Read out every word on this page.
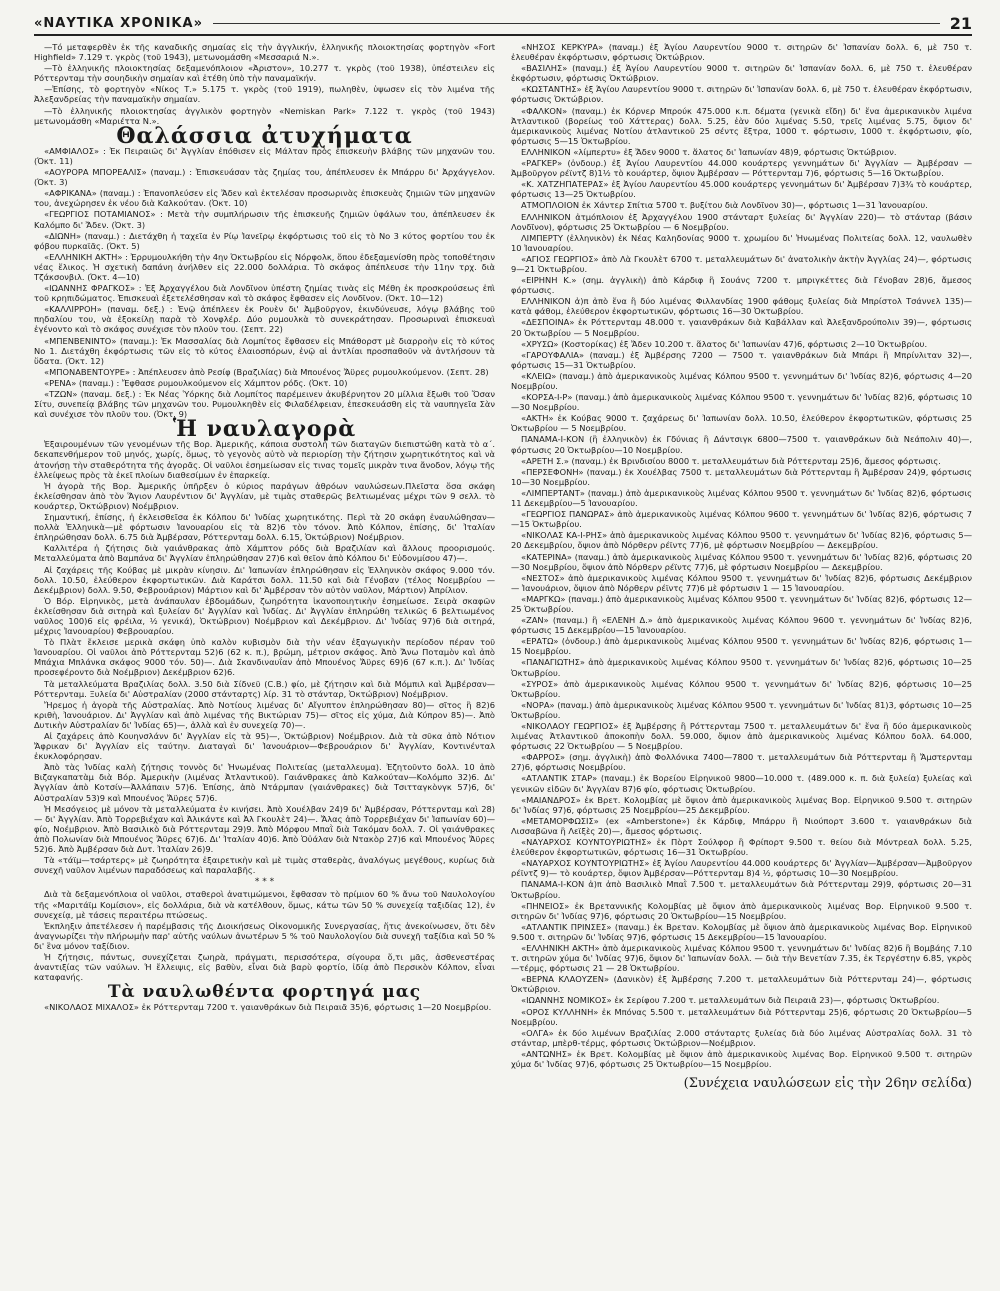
«ΝΑΥΤΙΚΑ ΧΡΟΝΙΚΑ»	21

—Τό μεταφερθὲν ἐκ τῆς καναδικῆς σημαίας εἰς τὴν ἀγγλικήν, ἑλληνικῆς πλοιοκτησίας φορτηγὸν «Fort Highfield» 7.129 τ. γκρὸς (τοῦ 1943), μετωνομάσθη «Μεσσαριά Ν.».

—Τὸ ἑλληνικῆς πλοιοκτησίας δεξαμενόπλοιον «Ἀριστον», 10.277 τ. γκρὸς (τοῦ 1938), ὑπέστειλεν εἰς Ρόττερνταμ τὴν σουηδικὴν σημαίαν καὶ ἐτέθη ὑπὸ τὴν παναμαϊκήν.

—Ἐπίσης, τὸ φορτηγὸν «Νίκος Τ.» 5.175 τ. γκρὸς (τοῦ 1919), πωληθὲν, ὑψωσεν εἰς τὸν λιμένα τῆς Ἀλεξανδρείας τὴν παναμαϊκὴν σημαίαν.

—Τὸ ἑλληνικῆς πλοιοκτησίας ἀγγλικὸν φορτηγὸν «Nemiskan Park» 7.122 τ. γκρὸς (τοῦ 1943) μετωνομάσθη «Μαριέττα Ν.».

Θαλάσσια ἀτυχήματα

«ΑΜΦΙΑΛΟΣ» : Ἐκ Πειραιῶς δι' Ἀγγλίαν ἐπόθισεν εἰς Μάλταν πρὸς ἐπισκευὴν βλάβης τῶν μηχανῶν του. (Ὀκτ. 11)

«ΑΟΥΡΟΡΑ ΜΠΟΡΕΑΛΙΣ» (παναμ.) : Ἐπισκευάσαν τὰς ζημίας του, ἀπέπλευσεν ἐκ Μπάρρυ δι' Ἀρχάγγελον. (Ὀκτ. 3)

«ΑΦΡΙΚΑΝΑ» (παναμ.) : Ἐπανοπλεύσεν εἰς Ἄδεν καὶ ἐκτελέσαν προσωρινὰς ἐπισκευὰς ζημιῶν τῶν μηχανῶν του, ἀνεχώρησεν ἐκ νέου διὰ Καλκούταν. (Ὀκτ. 10)

«ΓΕΩΡΓΙΟΣ ΠΟΤΑΜΙΑΝΟΣ» : Μετὰ τὴν συμπλήρωσιν τῆς ἐπισκευῆς ζημιῶν ὑφάλων του, ἀπέπλευσεν ἐκ Καλόμπο δι' Ἄδεν. (Ὀκτ. 3)

«ΔΙΩΝΗ» (παναμ.) : Διετάχθη ἡ ταχεῖα ἐν Ρίῳ Ἰανεῖρῳ ἐκφόρτωσις τοῦ εἰς τὸ Νο 3 κύτος φορτίου του ἐκ φόβου πυρκαϊᾶς. (Ὀκτ. 5)

«ΕΛΛΗΝΙΚΗ ΑΚΤΗ» : Ἐρρυμουλκήθη τὴν 4ην Ὀκτωβρίου εἰς Νόρφολκ, ὅπου ἐδεξαμενίσθη πρὸς τοποθέτησιν νέας ἕλικος. Ἡ σχετικὴ δαπάνη ἀνήλθεν εἰς 22.000 δολλάρια. Τὸ σκάφος ἀπέπλευσε τὴν 11ην τρχ. διὰ Τζάκσονβιλ. (Ὀκτ. 4—10)

«ΙΩΑΝΝΗΣ ΦΡΑΓΚΟΣ» : Ἐξ Ἀρχαγγέλου διὰ Λονδῖνον ὑπέστη ζημίας τινὰς εἰς Μέθη ἐκ προσκρούσεως ἐπὶ τοῦ κρηπιδώματος. Ἐπισκευαὶ ἐξετελέσθησαν καὶ τὸ σκάφος ἔφθασεν εἰς Λονδῖνον. (Ὀκτ. 10—12)

«ΚΑΛΛΙΡΡΟΗ» (παναμ. δεξ.) : Ἐνῷ ἀπέπλεεν ἐκ Ρουὲν δι' Ἀμβοῦργον, ἐκινδύνευσε, λόγῳ βλάβης τοῦ πηδαλίου του, νὰ ἐξοκείλῃ παρὰ τὸ Χονφλέρ. Δύο ρυμουλκὰ τὸ συνεκράτησαν. Προσωριναὶ ἐπισκευαὶ ἐγένοντο καὶ τὸ σκάφος συνέχισε τὸν πλοῦν του. (Σεπτ. 22)

«ΜΠΕΝΒΕΝΙΝΤΟ» (παναμ.): Ἐκ Μασσαλίας διὰ Λομπίτος ἔφθασεν εἰς Μπάθορστ μὲ διαρροὴν εἰς τὸ κύτος Νο 1. Διετάχθη ἐκφόρτωσις τῶν εἰς τὸ κύτος ἐλαιοσπόρων, ἐνῷ αἱ ἀντλίαι προσπαθοῦν νὰ ἀντλήσουν τὰ ὕδατα. (Ὀκτ. 12)

«ΜΠΟΝΑΒΕΝΤΟΥΡΕ» : Ἀπέπλευσεν ἀπὸ Ρεσίφ (Βραζιλίας) διὰ Μπουένος Ἄϋρες ρυμουλκούμενον. (Σεπτ. 28)

«ΡΕΝΑ» (παναμ.) : Ἔφθασε ρυμουλκούμενον εἰς Χάμπτον ρόδς. (Ὀκτ. 10)

«ΤΖΩΝ» (παναμ. δεξ.) : Ἐκ Νέας Ὑόρκης διὰ Λομπίτος παρέμεινεν ἀκυβέρνητον 20 μίλλια ἔξωθι τοῦ Ὄσαν Σίτυ, συνεπείᾳ βλάβης τῶν μηχανῶν του. Ρυμουλκηθὲν εἰς Φιλαδέλφειαν, ἐπεσκευάσθη εἰς τὰ ναυπηγεῖα Σὰν καὶ συνέχισε τὸν πλοῦν του. (Ὀκτ. 9)

Ἡ ναυλαγορὰ

Ἐξαιρουμένων τῶν γενομένων τῆς Βορ. Ἀμερικῆς, κάποια συστολὴ τῶν διαταγῶν διεπιστώθη κατὰ τὸ α΄. δεκαπενθήμερον τοῦ μηνός, χωρίς, ὅμως, τὸ γεγονὸς αὐτὸ νὰ περιορίσῃ τὴν ζήτησιν χωρητικότητος καὶ νὰ ἀτονήσῃ τὴν σταθερότητα τῆς ἀγορᾶς. Οἱ ναῦλοι ἐσημείωσαν εἰς τινας τομεῖς μικρὰν τινα ἄνοδον, λόγῳ τῆς ἐλλείψεως πρὸς τὰ ἐκεῖ πλοίων διαθεσίμων ἐν ἐπαρκείᾳ.

Ἡ ἀγορὰ τῆς Βορ. Ἀμερικῆς ὑπῆρξεν ὁ κύριος παράγων ἀθρόων ναυλώσεων.Πλεῖστα ὅσα σκάφη ἐκλείσθησαν ἀπὸ τὸν Ἅγιον Λαυρέντιον δι' Ἀγγλίαν, μὲ τιμὰς σταθερῶς βελτιωμένας μέχρι τῶν 9 σελλ. τὸ κουάρτερ, Ὀκτώβριον) Νοέμβριον.

Σημαντική, ἐπίσης, ἡ ἐκλεισθεῖσα ἐκ Κόλπου δι' Ἰνδίας χωρητικότης. Περὶ τὰ 20 σκάφη ἐναυλώθησαν—πολλὰ Ἑλληνικὰ—μὲ φόρτωσιν Ἰανουαρίου εἰς τὰ 82)6 τὸν τόνον. Ἀπὸ Κόλπον, ἐπίσης, δι' Ἰταλίαν ἐπληρώθησαν δολλ. 6.75 διὰ Ἀμβέρσαν, Ρόττερνταμ δολλ. 6.15, Ὀκτώβριον) Νοέμβριον.

Καλλιτέρα ἡ ζήτησις διὰ γαιάνθρακας ἀπὸ Χάμπτον ρόδς διὰ Βραζιλίαν καὶ ἄλλους προορισμούς. Μεταλλεύματα ἀπὸ Βαμπάνα δι' Ἀγγλίαν ἐπληρώθησαν 27)6 καὶ θεῖον ἀπὸ Κόλπου δι' Εὐδονμίσου 47)—.

Αἱ ζαχάρεις τῆς Κούβας μὲ μικρὰν κίνησιν. Δι' Ἰαπωνίαν ἐπληρώθησαν εἰς Ἑλληνικὸν σκάφος 9.000 τόν. δολλ. 10.50, ἐλεύθερον ἐκφορτωτικῶν. Διὰ Καράτσι δολλ. 11.50 καὶ διὰ Γένοβαν (τέλος Νοεμβρίου — Δεκέμβριον) δολλ. 9.50, Φεβρουάριον) Μάρτιον καὶ δι' Ἀμβέρσαν τὸν αὐτὸν ναῦλον, Μάρτιον) Ἀπρίλιον.

Ὁ Βόρ. Εἰρηνικὸς, μετὰ ἀνάπαυλαν ἑβδομάδων, ζωηρότητα ἱκανοποιητικὴν ἐσημείωσε. Σειρὰ σκαφῶν ἐκλείσθησαν διὰ σιτηρὰ καὶ ξυλείαν δι' Ἀγγλίαν καὶ Ἰνδίας. Δι' Ἀγγλίαν ἐπληρώθη τελικῶς 6 βελτιωμένος ναῦλος 100)6 εἰς φρέιλα, ½ γενικά), Ὀκτώβριον) Νοέμβριον καὶ Δεκέμβριον. Δι' Ἰνδίας 97)6 διὰ σιτηρά, μέχρις Ἰανουαρίου) Φεβρουαρίου.

Τὸ Πλὰτ ἔκλεισε μερικὰ σκάφη ὑπὸ καλὸν κυβισμὸν διὰ τὴν νέαν ἐξαγωγικὴν περίοδον πέραν τοῦ Ἰανουαρίου. Οἱ ναῦλοι ἀπὸ Ρόττερνταμ 52)6 (62 κ. π.), βρώμη, μέτριον σκάφος. Ἀπὸ Ἄνω Ποταμὸν καὶ ἀπὸ Μπάχια Μπλάνκα σκάφος 9000 τόν. 50)—. Διὰ Σκανδιναυΐαν ἀπὸ Μπουένος Ἄϋρες 69)6 (67 κ.π.). Δι' Ἰνδίας προσεφέροντο διὰ Νοέμβριον) Δεκέμβριον 62)6.

Τὰ μεταλλεύματα Βραζιλίας δολλ. 3.50 διὰ Σίδνεϋ (C.B.) φίο, μὲ ζήτησιν καὶ διὰ Μόμπιλ καὶ Ἀμβέρσαν—Ρόττερνταμ. Ξυλεία δι' Αὐστραλίαν (2000 στάνταρτς) λίρ. 31 τὸ στάνταρ, Ὀκτώβριον) Νοέμβριον.

Ἤρεμος ἡ ἀγορὰ τῆς Αὐστραλίας. Ἀπὸ Νοτίους λιμένας δι' Αἴγυπτον ἐπληρώθησαν 80)— σῖτος ἢ 82)6 κριθὴ, Ἰανουάριον. Δι' Ἀγγλίαν καὶ ἀπὸ λιμένας τῆς Βικτώριαν 75)— σῖτος εἰς χύμα, Διὰ Κύπρον 85)—. Ἀπὸ Δυτικὴν Αὐστραλίαν δι' Ἰνδίας 65)—, ἀλλὰ καὶ ἐν συνεχείᾳ 70)—.

Αἱ ζαχάρεις ἀπὸ Κουηνσλάνν δι' Ἀγγλίαν εἰς τὰ 95)—, Ὀκτώβριον) Νοέμβριον. Διὰ τὰ σῦκα ἀπὸ Νότιον Ἄφρικαν δι' Ἀγγλίαν εἰς ταύτην. Διαταγαὶ δι' Ἰανουάριον—Φεβρουάριον δι' Ἀγγλίαν, Κοντινένταλ ἐκυκλοφόρησαν.

Ἀπὸ τὰς Ἰνδίας καλὴ ζήτησις τοννὸς δι' Ἡνωμένας Πολιτείας (μεταλλευμα). Ἐζητοῦντο δολλ. 10 ἀπὸ Βιζαγκαπατὰμ διὰ Βόρ. Ἀμερικὴν (λιμένας Ἀτλαντικοῦ). Γαιάνθρακες ἀπὸ Καλκούταν—Κολόμπο 32)6. Δι' Ἀγγλίαν ἀπὸ Κοτσίν—Ἀλλάπαιν 57)6. Ἐπίσης, ἀπὸ Ντάρμπαν (γαιάνθρακες) διὰ Τσιτταγκὸνγκ 57)6, δι' Αὐστραλίαν 53)9 καὶ Μπουένος Ἄϋρες 57)6.

Ἡ Μεσόγειος μὲ μόνον τὰ μεταλλεύματα ἐν κινήσει. Ἀπὸ Χουέλβαν 24)9 δι' Ἀμβέρσαν, Ρόττερνταμ καὶ 28)— δι' Ἀγγλίαν. Ἀπὸ Τορρεβιέχαν καὶ Ἀλικάντε καὶ Ἀλ Γκουλὲτ 24)—. Ἄλας ἀπὸ Τορρεβιέχαν δι' Ἰαπωνίαν 60)— φίο, Νοέμβριον. Ἀπὸ Βασιλικὸ διὰ Ρόττερνταμ 29)9. Ἀπὸ Μόρφου Μπαῒ διὰ Τακόμαν δολλ. 7. Οἱ γαιάνθρακες ἀπὸ Πολωνίαν διὰ Μπουένος Ἄϋρες 67)6. Δι' Ἰταλίαν 40)6. Ἀπὸ Ὀὐάλαν διὰ Ντακὸρ 27)6 καὶ Μπουένος Ἄϋρες 52)6. Ἀπὸ Ἀμβέρσαν διὰ Δυτ. Ἰταλίαν 26)9.

Τὰ «τάϊμ—τσάρτερς» μὲ ζωηρότητα ἐξαιρετικὴν καὶ μὲ τιμὰς σταθερὰς, ἀναλόγως μεγέθους, κυρίως διὰ συνεχῆ ναῦλον λιμένων παραδόσεως καὶ παραλαβῆς.

* * *

Διὰ τὰ δεξαμενόπλοια οἱ ναῦλοι, σταθεροὶ ἀνατιμώμενοι, ἔφθασαν τὸ πρίμιον 60 % ἄνω τοῦ Ναυλολογίου τῆς «Μαριτάϊμ Κομίσιον», εἰς δολλάρια, διὰ νὰ κατέλθουν, ὅμως, κάτω τῶν 50 % συνεχείᾳ ταξιδίας 12), ἐν συνεχείᾳ, μὲ τάσεις περαιτέρω πτώσεως.

Ἐκπληξιν ἀπετέλεσεν ἡ παρέμβασις τῆς Διοικήσεως Οἰκονομικῆς Συνεργασίας, ἥτις ἀνεκοίνωσεν, ὅτι δὲν ἀναγνωρίζει τὴν πλήρωμὴν παρ' αὐτῆς ναύλων ἀνωτέρων 5 % τοῦ Ναυλολογίου διὰ συνεχῆ ταξίδια καὶ 50 % δι' ἓνα μόνον ταξίδιον.

Ἡ ζήτησις, πάντως, συνεχίζεται ζωηρὰ, πράγματι, περισσότερα, σίγουρα ὅ,τι μᾶς, ἀσθενεστέρας ἀναντιξίας τῶν ναύλων. Ἡ ἔλλειψις, εἰς βαθὺν, εἶναι διὰ βαρὺ φορτίο, ἰδίᾳ ἀπὸ Περσικὸν Κόλπον, εἶναι καταφανής.

Τὰ ναυλωθέντα φορτηγά μας

«ΝΙΚΟΛΑΟΣ ΜΙΧΑΛΟΣ» ἐκ Ρόττερνταμ 7200 τ. γαιανθράκων διὰ Πειραιᾶ 35)6, φόρτωσις 1—20 Νοεμβρίου.

«ΝΗΣΟΣ ΚΕΡΚΥΡΑ» (παναμ.) ἐξ Ἁγίου Λαυρεντίου 9000 τ. σιτηρῶν δι' Ἰσπανίαν δολλ. 6, μὲ 750 τ. ἐλευθέραν ἐκφόρτωσιν, φόρτωσις Ὀκτώβριον.

«ΒΑΣΙΛΗΣ» (παναμ.) ἐξ Ἁγίου Λαυρεντίου 9000 τ. σιτηρῶν δι' Ἰσπανίαν δολλ. 6, μὲ 750 τ. ἐλευθέραν ἐκφόρτωσιν, φόρτωσις Ὀκτώβριον.

«ΚΩΣΤΑΝΤΗΣ» ἐξ Ἁγίου Λαυρεντίου 9000 τ. σιτηρῶν δι' Ἰσπανίαν δολλ. 6, μὲ 750 τ. ἐλευθέραν ἐκφόρτωσιν, φόρτωσις Ὀκτώβριον.

«ΦΑΛΚΟΝ» (παναμ.) ἐκ Κόρνερ Μπρούκ 475.000 κ.π. δέματα (γενικὰ εἴδη) δι' ἕνα ἀμερικανικὸν λιμένα Ἀτλαντικοῦ (βορείως τοῦ Χάττερας) δολλ. 5.25, ἐὰν δύο λιμένας 5.50, τρεῖς λιμένας 5.75, ὄψιον δι' ἀμερικανικοὺς λιμένας Νοτίου ἀτλαντικοῦ 25 σέντς ἔξτρα, 1000 τ. φόρτωσιν, 1000 τ. ἐκφόρτωσιν, φίο, φόρτωσις 5—15 Ὀκτωβρίου.

ΕΛΛΗΝΙΚΟΝ «λίμπερτυ» ἐξ Ἄδεν 9000 τ. ἅλατος δι' Ἰαπωνίαν 48)9, φόρτωσις Ὀκτώβριον.

«ΡΑΓΚΕΡ» (ὀνδουρ.) ἐξ Ἁγίου Λαυρεντίου 44.000 κουάρτερς γεννημάτων δι' Ἀγγλίαν — Ἀμβέρσαν — Ἀμβοῦργον ρέϊντζ 8)1½ τὸ κουάρτερ, ὄψιον Ἀμβέρσαν — Ρόττερνταμ 7)6, φόρτωσις 5—16 Ὀκτωβρίου.

«Κ. ΧΑΤΖΗΠΑΤΕΡΑΣ» ἐξ Ἁγίου Λαυρεντίου 45.000 κουάρτερς γεννημάτων δι' Ἀμβέρσαν 7)3¾ τὸ κουάρτερ, φόρτωσις 13—25 Ὀκτωβρίου.

ΑΤΜΟΠΛΟΙΟΝ ἐκ Χάντερ Σπίτια 5700 τ. βυξίτου διὰ Λονδῖνον 30)—, φόρτωσις 1—31 Ἰανουαρίου.

ΕΛΛΗΝΙΚΟΝ ἀτμόπλοιον ἐξ Ἀρχαγγέλου 1900 στάνταρτ ξυλείας δι' Ἀγγλίαν 220)— τὸ στάνταρ (βάσιν Λονδῖνον), φόρτωσις 25 Ὀκτωβρίου — 6 Νοεμβρίου.

ΛΙΜΠΕΡΤΥ (ἑλληνικὸν) ἐκ Νέας Καληδονίας 9000 τ. χρωμίου δι' Ἡνωμένας Πολιτείας δολλ. 12, ναυλωθὲν 10 Ἰανουαρίου.

«ΑΓΙΟΣ ΓΕΩΡΓΙΟΣ» ἀπὸ Λὰ Γκουλὲτ 6700 τ. μεταλλευμάτων δι' ἀνατολικὴν ἀκτὴν Ἀγγλίας 24)—, φόρτωσις 9—21 Ὀκτωβρίου.

«ΕΙΡΗΝΗ Κ.» (σημ. ἀγγλικὴ) ἀπὸ Κάρδιφ ἢ Σουάνς 7200 τ. μπριγκέττες διὰ Γένοβαν 28)6, ἄμεσος φόρτωσις.

ΕΛΛΗΝΙΚΟΝ ἀ)π ἀπὸ ἕνα ἢ δύο λιμένας Φιλλανδίας 1900 φάθομς ξυλείας διὰ Μπρίστολ Τσάννελ 135)— κατὰ φάθομ, ἐλεύθερον ἐκφορτωτικῶν, φόρτωσις 16—30 Ὀκτωβρίου.

«ΔΕΣΠΟΙΝΑ» ἐκ Ρόττερνταμ 48.000 τ. γαιανθράκων διὰ Καβάλλαν καὶ Ἀλεξανδρούπολιν 39)—, φόρτωσις 20 Ὀκτωβρίου — 5 Νοεμβρίου.

«ΧΡΥΣΩ» (Κοστορίκας) ἐξ Ἄδεν 10.200 τ. ἅλατος δι' Ἰαπωνίαν 47)6, φόρτωσις 2—10 Ὀκτωβρίου.

«ΓΑΡΟΥΦΑΛΙΑ» (παναμ.) ἐξ Ἀμβέρσης 7200 — 7500 τ. γαιανθράκων διὰ Μπάρι ἢ Μπρίνλιταν 32)—, φόρτωσις 15—31 Ὀκτωβρίου.

«ΚΛΕΙΩ» (παναμ.) ἀπὸ ἀμερικανικοὺς λιμένας Κόλπου 9500 τ. γεννημάτων δι' Ἰνδίας 82)6, φόρτωσις 4—20 Νοεμβρίου.

«ΚΟΡΣΑ-Ι-Ρ» (παναμ.) ἀπὸ ἀμερικανικοὺς λιμένας Κόλπου 9500 τ. γεννημάτων δι' Ἰνδίας 82)6, φόρτωσις 10—30 Νοεμβρίου.

«ΑΚΤΗ» ἐκ Κούβας 9000 τ. ζαχάρεως δι' Ἰαπωνίαν δολλ. 10.50, ἐλεύθερον ἐκφορτωτικῶν, φόρτωσις 25 Ὀκτωβρίου — 5 Νοεμβρίου.

ΠΑΝΑΜΑ-Ι-ΚΟΝ (ἢ ἑλληνικὸν) ἐκ Γδύνιας ἢ Δάντσιγκ 6800—7500 τ. γαιανθράκων διὰ Νεάπολιν 40)—, φόρτωσις 20 Ὀκτωβρίου—10 Νοεμβρίου.

«ΑΡΕΤΗ Σ.» (παναμ.) ἐκ Βρινδισίου 8000 τ. μεταλλευμάτων διὰ Ρόττερνταμ 25)6, ἄμεσος φόρτωσις.

«ΠΕΡΣΕΦΟΝΗ» (παναμ.) ἐκ Χουέλβας 7500 τ. μεταλλευμάτων διὰ Ρόττερνταμ ἢ Ἀμβέρσαν 24)9, φόρτωσις 10—30 Νοεμβρίου.

«ΛΙΜΠΕΡΤΑΝΤ» (παναμ.) ἀπὸ ἀμερικανικοὺς λιμένας Κόλπου 9500 τ. γεννημάτων δι' Ἰνδίας 82)6, φόρτωσις 11 Δεκεμβρίου—5 Ἰανουαρίου.

«ΓΕΩΡΓΙΟΣ ΠΑΝΩΡΑΣ» ἀπὸ ἀμερικανικοὺς λιμένας Κόλπου 9600 τ. γεννημάτων δι' Ἰνδίας 82)6, φόρτωσις 7—15 Ὀκτωβρίου.

«ΝΙΚΟΛΑΣ ΚΑ-Ι-ΡΗΣ» ἀπὸ ἀμερικανικοὺς λιμένας Κόλπου 9500 τ. γεννημάτων δι' Ἰνδίας 82)6, φόρτωσις 5—20 Δεκεμβρίου, ὄψιον ἀπὸ Νόρθερν ρέϊντς 77)6, μὲ φόρτωσιν Νοεμβρίου — Δεκεμβρίου.

«ΚΑΤΕΡΙΝΑ» (παναμ.) ἀπὸ ἀμερικανικοὺς λιμένας Κόλπου 9500 τ. γεννημάτων δι' Ἰνδίας 82)6, φόρτωσις 20—30 Νοεμβρίου, ὄψιον ἀπὸ Νόρθερν ρέϊντς 77)6, μὲ φόρτωσιν Νοεμβρίου — Δεκεμβρίου.

«ΝΕΣΤΟΣ» ἀπὸ ἀμερικανικοὺς λιμένας Κόλπου 9500 τ. γεννημάτων δι' Ἰνδίας 82)6, φόρτωσις Δεκέμβριον — Ἰανουάριον, ὄψιον ἀπὸ Νόρθερν ρέϊντς 77)6 μὲ φόρτωσιν 1 — 15 Ἰανουαρίου.

«ΜΑΡΓΚΩ» (παναμ.) ἀπὸ ἀμερικανικοὺς λιμένας Κόλπου 9500 τ. γεννημάτων δι' Ἰνδίας 82)6, φόρτωσις 12—25 Ὀκτωβρίου.

«ΖΑΝ» (παναμ.) ἢ «ΕΛΕΝΗ Δ.» ἀπὸ ἀμερικανικοὺς λιμένας Κόλπου 9600 τ. γεννημάτων δι' Ἰνδίας 82)6, φόρτωσις 15 Δεκεμβρίου—15 Ἰανουαρίου.

«ΕΡΑΤΩ» (ὀνδουρ.) ἀπὸ ἀμερικανικοὺς λιμένας Κόλπου 9500 τ. γεννημάτων δι' Ἰνδίας 82)6, φόρτωσις 1—15 Νοεμβρίου.

«ΠΑΝΑΓΙΩΤΗΣ» ἀπὸ ἀμερικανικοὺς λιμένας Κόλπου 9500 τ. γεννημάτων δι' Ἰνδίας 82)6, φόρτωσις 10—25 Ὀκτωβρίου.

«ΣΥΡΟΣ» ἀπὸ ἀμερικανικοὺς λιμένας Κόλπου 9500 τ. γεννημάτων δι' Ἰνδίας 82)6, φόρτωσις 10—25 Ὀκτωβρίου.

«ΝΟΡΑ» (παναμ.) ἀπὸ ἀμερικανικοὺς λιμένας Κόλπου 9500 τ. γεννημάτων δι' Ἰνδίας 81)3, φόρτωσις 10—25 Ὀκτωβρίου.

«ΝΙΚΟΛΑΟΥ ΓΕΩΡΓΙΟΣ» ἐξ Ἀμβέρσης ἢ Ρόττερνταμ 7500 τ. μεταλλευμάτων δι' ἕνα ἢ δύο ἀμερικανικοὺς λιμένας Ἀτλαντικοῦ ἀποκοπὴν δολλ. 59.000, ὄψιον ἀπὸ ἀμερικανικοὺς λιμένας Κόλπου δολλ. 64.000, φόρτωσις 22 Ὀκτωβρίου — 5 Νοεμβρίου.

«ΦΑΡΡΟΣ» (σημ. ἀγγλικὴ) ἀπὸ Φολλόνικα 7400—7800 τ. μεταλλευμάτων διὰ Ρόττερνταμ ἢ Ἄμστερνταμ 27)6, φόρτωσις Νοεμβρίου.

«ΑΤΛΑΝΤΙΚ ΣΤΑΡ» (παναμ.) ἐκ Βορείου Εἰρηνικοῦ 9800—10.000 τ. (489.000 κ. π. διὰ ξυλεία) ξυλείας καὶ γενικῶν εἰδῶν δι' Ἀγγλίαν 87)6 φίο, φόρτωσις Ὀκτωβρίου.

«ΜΑΙΑΝΔΡΟΣ» ἐκ Βρετ. Κολομβίας μὲ ὄψιον ἀπὸ ἀμερικανικοὺς λιμένας Βορ. Εἰρηνικοῦ 9.500 τ. σιτηρῶν δι' Ἰνδίας 97)6, φόρτωσις 25 Νοεμβρίου—25 Δεκεμβρίου.

«ΜΕΤΑΜΟΡΦΩΣΙΣ» (ex «Amberstone») ἐκ Κάρδιφ, Μπάρρυ ἢ Νιούπορτ 3.600 τ. γαιανθράκων διὰ Λισσαβῶνα ἢ Λεϊξὲς 20)—, ἄμεσος φόρτωσις.

«ΝΑΥΑΡΧΟΣ ΚΟΥΝΤΟΥΡΙΩΤΗΣ» ἐκ Πὸρτ Σούλφορ ἢ Φρίπορτ 9.500 τ. θείου διὰ Μόντρεαλ δολλ. 5.25, ἐλεύθερον ἐκφορτωτικῶν, φόρτωσις 16—31 Ὀκτωβρίου.

«ΝΑΥΑΡΧΟΣ ΚΟΥΝΤΟΥΡΙΩΤΗΣ» ἐξ Ἁγίου Λαυρεντίου 44.000 κουάρτερς δι' Ἀγγλίαν—Ἀμβέρσαν—Ἀμβοῦργον ρέϊντζ 9)— τὸ κουάρτερ, ὄψιον Ἀμβέρσαν—Ρόττερνταμ 8)4 ½, φόρτωσις 10—30 Νοεμβρίου.

ΠΑΝΑΜΑ-Ι-ΚΟΝ ἀ)π ἀπὸ Βασιλικὸ Μπαῒ 7.500 τ. μεταλλευμάτων διὰ Ρόττερνταμ 29)9, φόρτωσις 20—31 Ὀκτωβρίου.

«ΠΗΝΕΙΟΣ» ἐκ Βρεταννικῆς Κολομβίας μὲ ὄψιον ἀπὸ ἀμερικανικοὺς λιμένας Βορ. Εἰρηνικοῦ 9.500 τ. σιτηρῶν δι' Ἰνδίας 97)6, φόρτωσις 20 Ὀκτωβρίου—15 Νοεμβρίου.

«ΑΤΛΑΝΤΙΚ ΠΡΙΝΣΕΣ» (παναμ.) ἐκ Βρεταν. Κολομβίας μὲ ὄψιον ἀπὸ ἀμερικανικοὺς λιμένας Βορ. Εἰρηνικοῦ 9.500 τ. σιτηρῶν δι' Ἰνδίας 97)6, φόρτωσις 15 Δεκεμβρίου—15 Ἰανουαρίου.

«ΕΛΛΗΝΙΚΗ ΑΚΤΗ» ἀπὸ ἀμερικανικοὺς λιμένας Κόλπου 9500 τ. γεννημάτων δι' Ἰνδίας 82)6 ἢ Βομβάης 7.10 τ. σιτηρῶν χύμα δι' Ἰνδίας 97)6, ὄψιον δι' Ἰαπωνίαν δολλ. — διὰ τὴν Βενετίαν 7.35, ἐκ Τεργέστην 6.85, γκρὸς —τέρμς, φόρτωσις 21 — 28 Ὀκτωβρίου.

«ΒΕΡΝΑ ΚΛΑΟΥΖΕΝ» (Δανικὸν) ἐξ Ἀμβέρσης 7.200 τ. μεταλλευμάτων διὰ Ρόττερνταμ 24)—, φόρτωσις Ὀκτώβριον.

«ΙΩΑΝΝΗΣ ΝΟΜΙΚΟΣ» ἐκ Σερίφου 7.200 τ. μεταλλευμάτων διὰ Πειραιᾶ 23)—, φόρτωσις Ὀκτωβρίου.

«ΟΡΟΣ ΚΥΛΛΗΝΗ» ἐκ Μπόνας 5.500 τ. μεταλλευμάτων διὰ Ρόττερνταμ 25)6, φόρτωσις 20 Ὀκτωβρίου—5 Νοεμβρίου.

«ΟΛΓΑ» ἐκ δύο λιμένων Βραζιλίας 2.000 στάνταρτς ξυλείας διὰ δύο λιμένας Αὐστραλίας δολλ. 31 τὸ στάνταρ, μπὲρθ-τέρμς, φόρτωσις Ὀκτώβριον—Νοέμβριον.

«ΑΝΤΩΝΗΣ» ἐκ Βρετ. Κολομβίας μὲ ὄψιον ἀπὸ ἀμερικανικοὺς λιμένας Βορ. Εἰρηνικοῦ 9.500 τ. σιτηρῶν χύμα δι' Ἰνδίας 97)6, φόρτωσις 25 Ὀκτωβρίου—15 Νοεμβρίου.

(Συνέχεια ναυλώσεων εἰς τὴν 26ην σελίδα)
